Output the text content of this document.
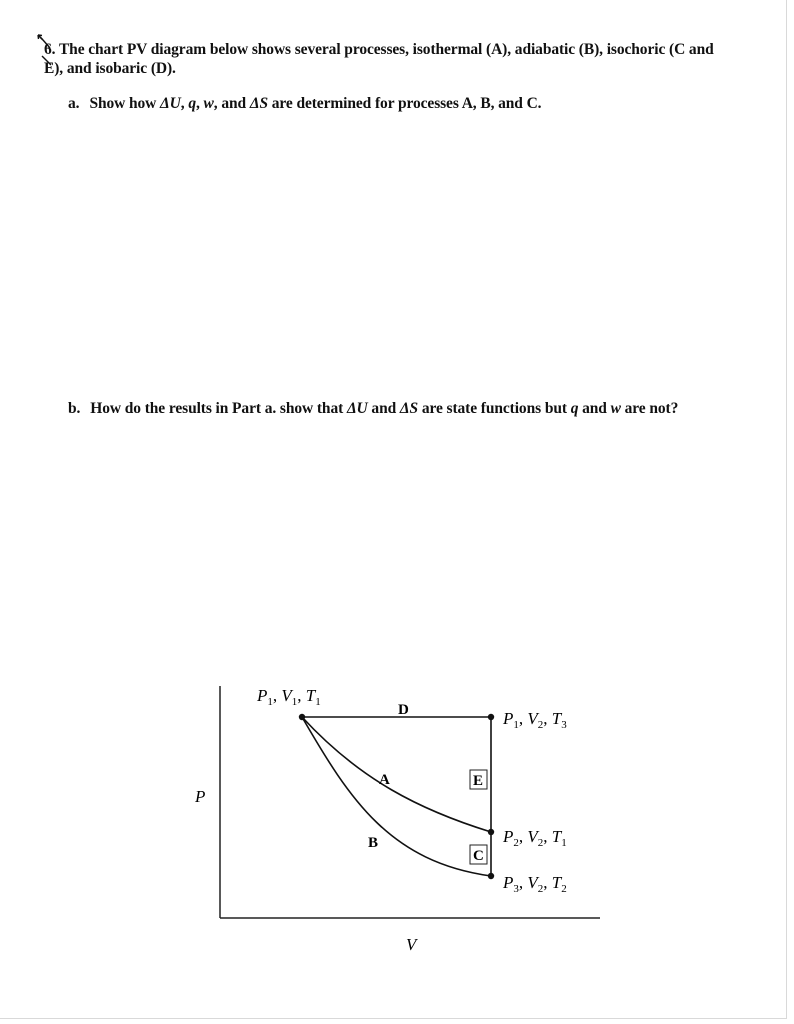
6. The chart PV diagram below shows several processes, isothermal (A), adiabatic (B), isochoric (C and
E), and isobaric (D).
a. Show how ΔU, q, w, and ΔS are determined for processes A, B, and C.
b. How do the results in Part a. show that ΔU and ΔS are state functions but q and w are not?
P
V
D
A
B
E
C
$P_1$, $V_1$, $T_1$
$P_1$, $V_2$, $T_3$
$P_2$, $V_2$, $T_1$
$P_3$, $V_2$, $T_2$
